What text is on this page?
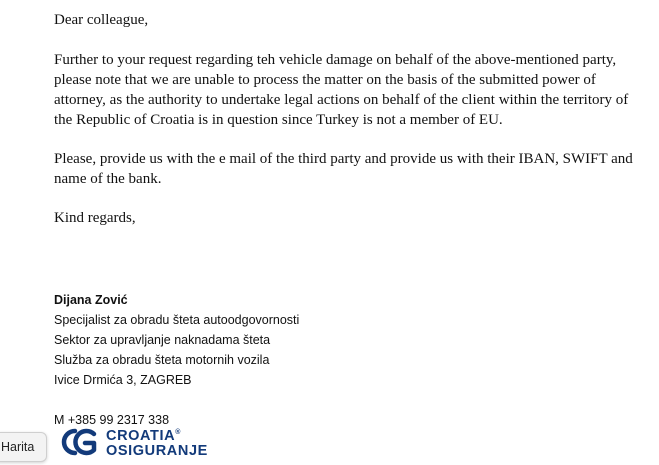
Dear colleague,

Further to your request regarding teh vehicle damage on behalf of the above-mentioned party, please note that we are unable to process the matter on the basis of the submitted power of attorney, as the authority to undertake legal actions on behalf of the client within the territory of the Republic of Croatia is in question since Turkey is not a member of EU.

Please, provide us with the e mail of the third party and provide us with their IBAN, SWIFT and name of the bank.

Kind regards,

Dijana Zović
Specijalist za obradu šteta autoodgovornosti
Sektor za upravljanje naknadama šteta
Služba za obradu šteta motornih vozila
Ivice Drmića 3, ZAGREB
M +385 99 2317 338
CROATIA®
OSIGURANJE
Harita
